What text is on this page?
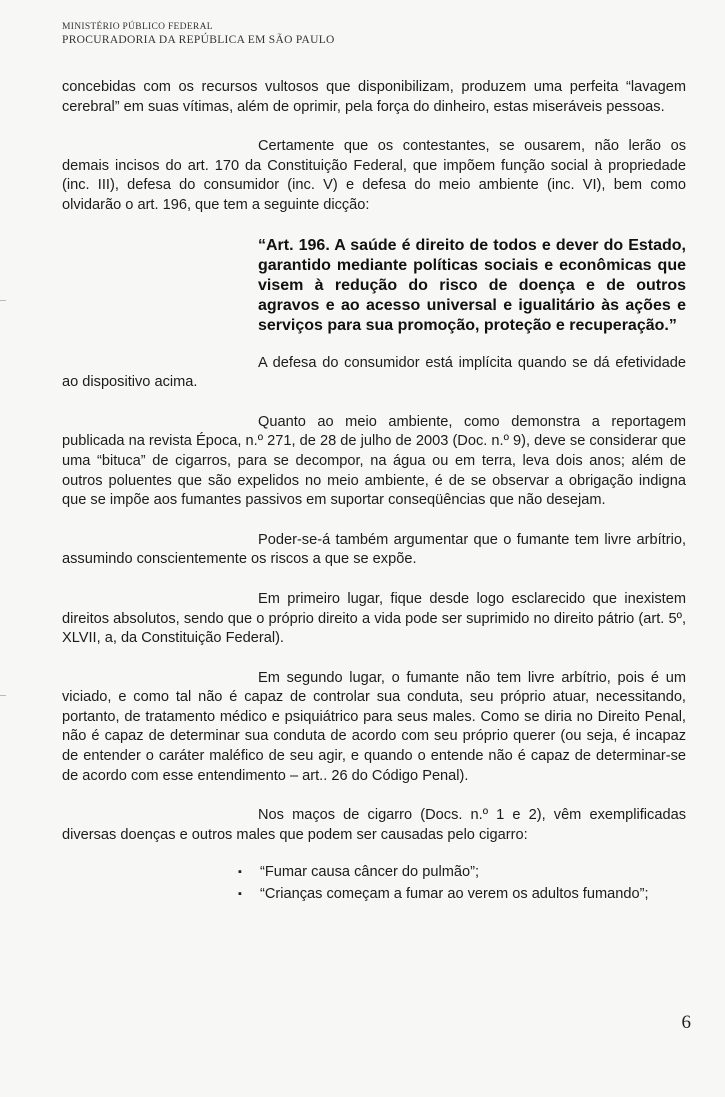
MINISTÉRIO PÚBLICO FEDERAL
PROCURADORIA DA REPÚBLICA EM SÃO PAULO

concebidas com os recursos vultosos que disponibilizam, produzem uma perfeita “lavagem cerebral” em suas vítimas, além de oprimir, pela força do dinheiro, estas miseráveis pessoas.

Certamente que os contestantes, se ousarem, não lerão os demais incisos do art. 170 da Constituição Federal, que impõem função social à propriedade (inc. III), defesa do consumidor (inc. V) e defesa do meio ambiente (inc. VI), bem como olvidarão o art. 196, que tem a seguinte dicção:

“Art. 196. A saúde é direito de todos e dever do Estado, garantido mediante políticas sociais e econômicas que visem à redução do risco de doença e de outros agravos e ao acesso universal e igualitário às ações e serviços para sua promoção, proteção e recuperação.”

A defesa do consumidor está implícita quando se dá efetividade ao dispositivo acima.

Quanto ao meio ambiente, como demonstra a reportagem publicada na revista Época, n.º 271, de 28 de julho de 2003 (Doc. n.º 9), deve se considerar que uma “bituca” de cigarros, para se decompor, na água ou em terra, leva dois anos; além de outros poluentes que são expelidos no meio ambiente, é de se observar a obrigação indigna que se impõe aos fumantes passivos em suportar conseqüências que não desejam.

Poder-se-á também argumentar que o fumante tem livre arbítrio, assumindo conscientemente os riscos a que se expõe.

Em primeiro lugar, fique desde logo esclarecido que inexistem direitos absolutos, sendo que o próprio direito a vida pode ser suprimido no direito pátrio (art. 5º, XLVII, a, da Constituição Federal).

Em segundo lugar, o fumante não tem livre arbítrio, pois é um viciado, e como tal não é capaz de controlar sua conduta, seu próprio atuar, necessitando, portanto, de tratamento médico e psiquiátrico para seus males. Como se diria no Direito Penal, não é capaz de determinar sua conduta de acordo com seu próprio querer (ou seja, é incapaz de entender o caráter maléfico de seu agir, e quando o entende não é capaz de determinar-se de acordo com esse entendimento – art.. 26 do Código Penal).

Nos maços de cigarro (Docs. n.º 1 e 2), vêm exemplificadas diversas doenças e outros males que podem ser causadas pelo cigarro:

▪ “Fumar causa câncer do pulmão”;
▪ “Crianças começam a fumar ao verem os adultos fumando”;
6
